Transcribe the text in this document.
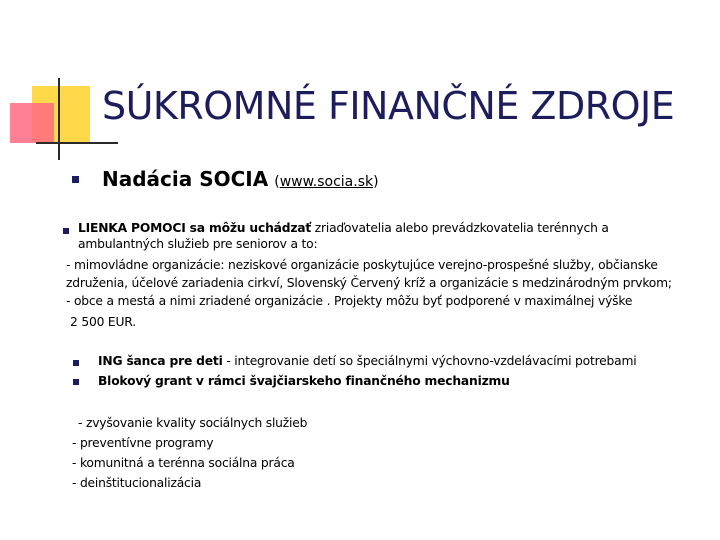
SÚKROMNÉ FINANČNÉ ZDROJE
Nadácia SOCIA (www.socia.sk)
LIENKA POMOCI sa môžu uchádzať zriaďovatelia alebo prevádzkovatelia terénnych a
ambulantných služieb pre seniorov a to:
- mimovládne organizácie: neziskové organizácie poskytujúce verejno-prospešné služby, občianske
združenia, účelové zariadenia cirkví, Slovenský Červený kríž a organizácie s medzinárodným prvkom;
- obce a mestá a nimi zriadené organizácie . Projekty môžu byť podporené v maximálnej výške
2 500 EUR.
ING šanca pre deti - integrovanie detí so špeciálnymi výchovno-vzdelávacími potrebami
Blokový grant v rámci švajčiarskeho finančného mechanizmu
- zvyšovanie kvality sociálnych služieb
- preventívne programy
- komunitná a terénna sociálna práca
- deinštitucionalizácia
